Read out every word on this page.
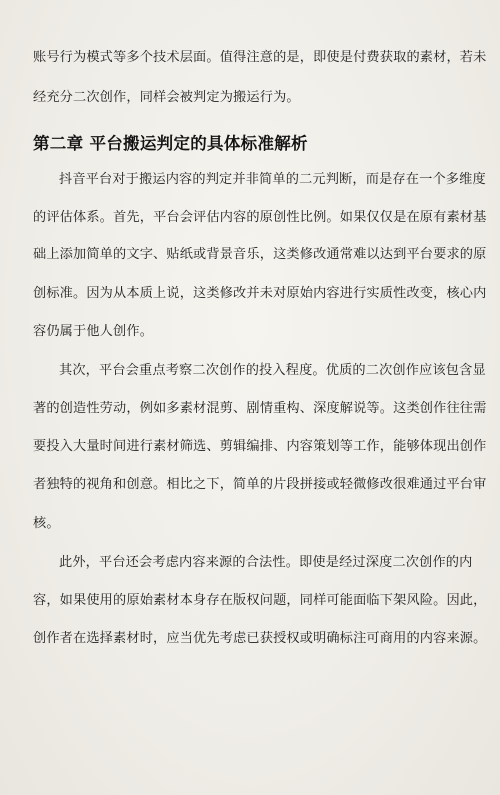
账号行为模式等多个技术层面。值得注意的是，即使是付费获取的素材，若未
经充分二次创作，同样会被判定为搬运行为。
第二章 平台搬运判定的具体标准解析
抖音平台对于搬运内容的判定并非简单的二元判断，而是存在一个多维度
的评估体系。首先，平台会评估内容的原创性比例。如果仅仅是在原有素材基
础上添加简单的文字、贴纸或背景音乐，这类修改通常难以达到平台要求的原
创标准。因为从本质上说，这类修改并未对原始内容进行实质性改变，核心内
容仍属于他人创作。
其次，平台会重点考察二次创作的投入程度。优质的二次创作应该包含显
著的创造性劳动，例如多素材混剪、剧情重构、深度解说等。这类创作往往需
要投入大量时间进行素材筛选、剪辑编排、内容策划等工作，能够体现出创作
者独特的视角和创意。相比之下，简单的片段拼接或轻微修改很难通过平台审
核。
此外，平台还会考虑内容来源的合法性。即使是经过深度二次创作的内
容，如果使用的原始素材本身存在版权问题，同样可能面临下架风险。因此，
创作者在选择素材时，应当优先考虑已获授权或明确标注可商用的内容来源。
